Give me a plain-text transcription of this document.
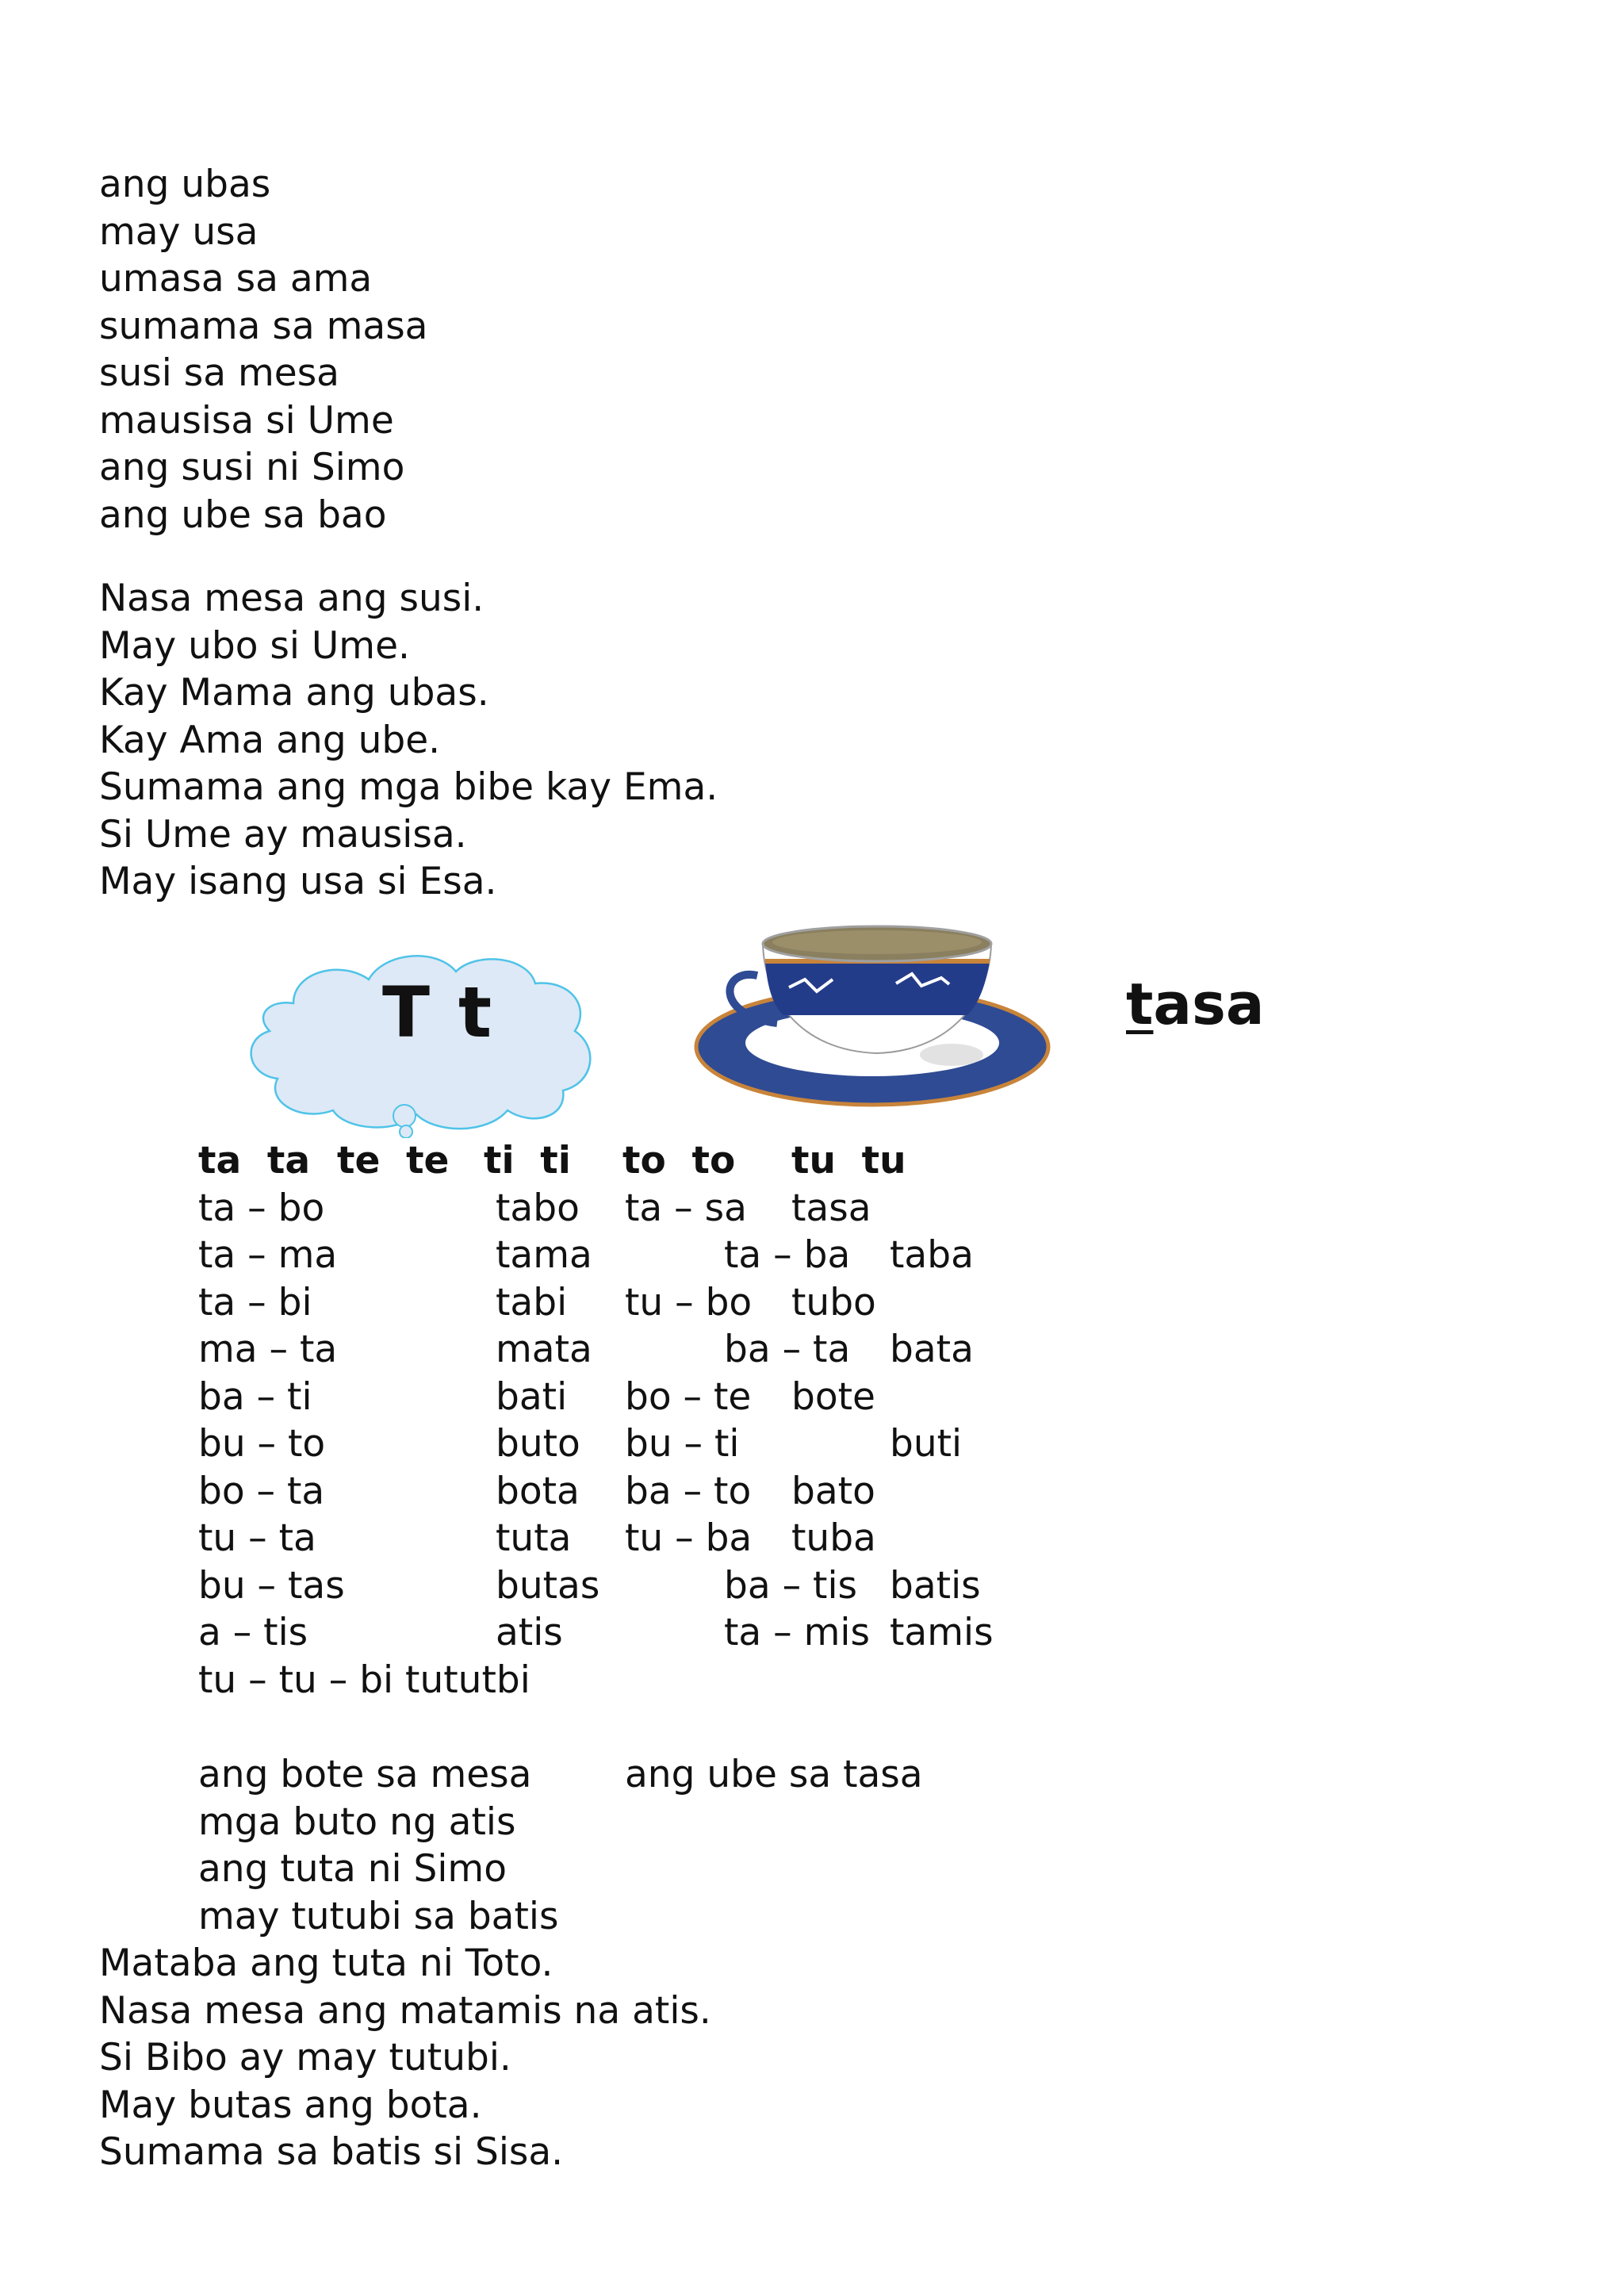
ang ubas
may usa
umasa sa ama
sumama sa masa
susi sa mesa
mausisa si Ume
ang susi ni Simo
ang ube sa bao
Nasa mesa ang susi.
May ubo si Ume.
Kay Mama ang ubas.
Kay Ama ang ube.
Sumama ang mga bibe kay Ema.
Si Ume ay mausisa.
May isang usa si Esa.
T t	tasa
ta  ta te  te ti  ti to  to tu  tu
ta – bo	tabo ta – sa tasa
ta – ma	tama	ta – ba taba
ta – bi	tabi tu – bo tubo
ma – ta	mata	ba – ta bata
ba – ti	bati bo – te bote
bu – to	buto bu – ti	buti
bo – ta	bota ba – to bato
tu – ta	tuta tu – ba tuba
bu – tas	butas	ba – tis batis
a – tis	atis	ta – mis tamis
tu – tu – bi tututbi
ang bote sa mesa
mga buto ng atis
ang tuta ni Simo
may tutubi sa batis
ang ube sa tasa
Mataba ang tuta ni Toto.
Nasa mesa ang matamis na atis.
Si Bibo ay may tutubi.
May butas ang bota.
Sumama sa batis si Sisa.
